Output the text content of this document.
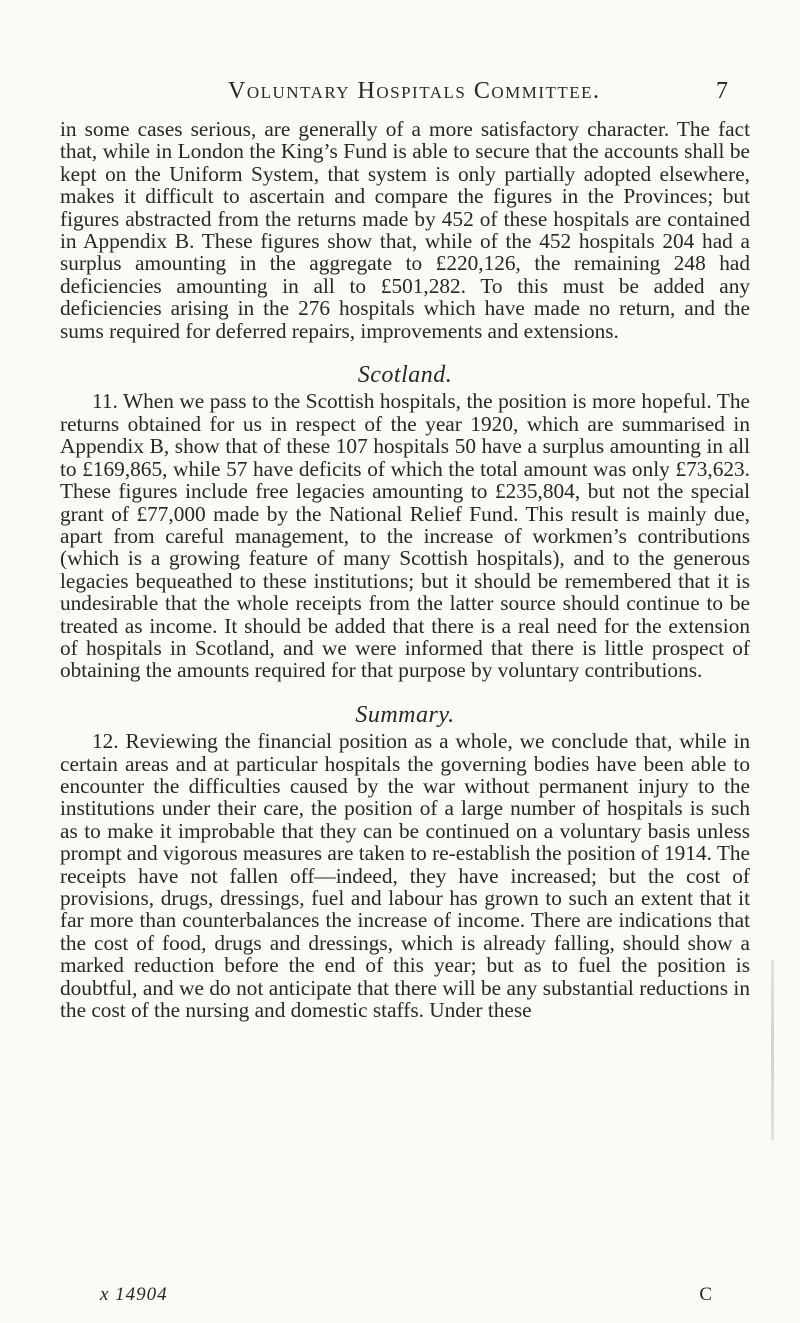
Voluntary Hospitals Committee.	7

in some cases serious, are generally of a more satisfactory character. The fact that, while in London the King’s Fund is able to secure that the accounts shall be kept on the Uniform System, that system is only partially adopted elsewhere, makes it difficult to ascertain and compare the figures in the Provinces; but figures abstracted from the returns made by 452 of these hospitals are contained in Appendix B. These figures show that, while of the 452 hospitals 204 had a surplus amounting in the aggregate to £220,126, the remaining 248 had deficiencies amounting in all to £501,282. To this must be added any deficiencies arising in the 276 hospitals which have made no return, and the sums required for deferred repairs, improvements and extensions.

Scotland.

11. When we pass to the Scottish hospitals, the position is more hopeful. The returns obtained for us in respect of the year 1920, which are summarised in Appendix B, show that of these 107 hospitals 50 have a surplus amounting in all to £169,865, while 57 have deficits of which the total amount was only £73,623. These figures include free legacies amounting to £235,804, but not the special grant of £77,000 made by the National Relief Fund. This result is mainly due, apart from careful management, to the increase of workmen’s contributions (which is a growing feature of many Scottish hospitals), and to the generous legacies bequeathed to these institutions; but it should be remembered that it is undesirable that the whole receipts from the latter source should continue to be treated as income. It should be added that there is a real need for the extension of hospitals in Scotland, and we were informed that there is little prospect of obtaining the amounts required for that purpose by voluntary contributions.

Summary.

12. Reviewing the financial position as a whole, we conclude that, while in certain areas and at particular hospitals the governing bodies have been able to encounter the difficulties caused by the war without permanent injury to the institutions under their care, the position of a large number of hospitals is such as to make it improbable that they can be continued on a voluntary basis unless prompt and vigorous measures are taken to re-establish the position of 1914. The receipts have not fallen off—indeed, they have increased; but the cost of provisions, drugs, dressings, fuel and labour has grown to such an extent that it far more than counterbalances the increase of income. There are indications that the cost of food, drugs and dressings, which is already falling, should show a marked reduction before the end of this year; but as to fuel the position is doubtful, and we do not anticipate that there will be any substantial reductions in the cost of the nursing and domestic staffs. Under these

x 14904	C
